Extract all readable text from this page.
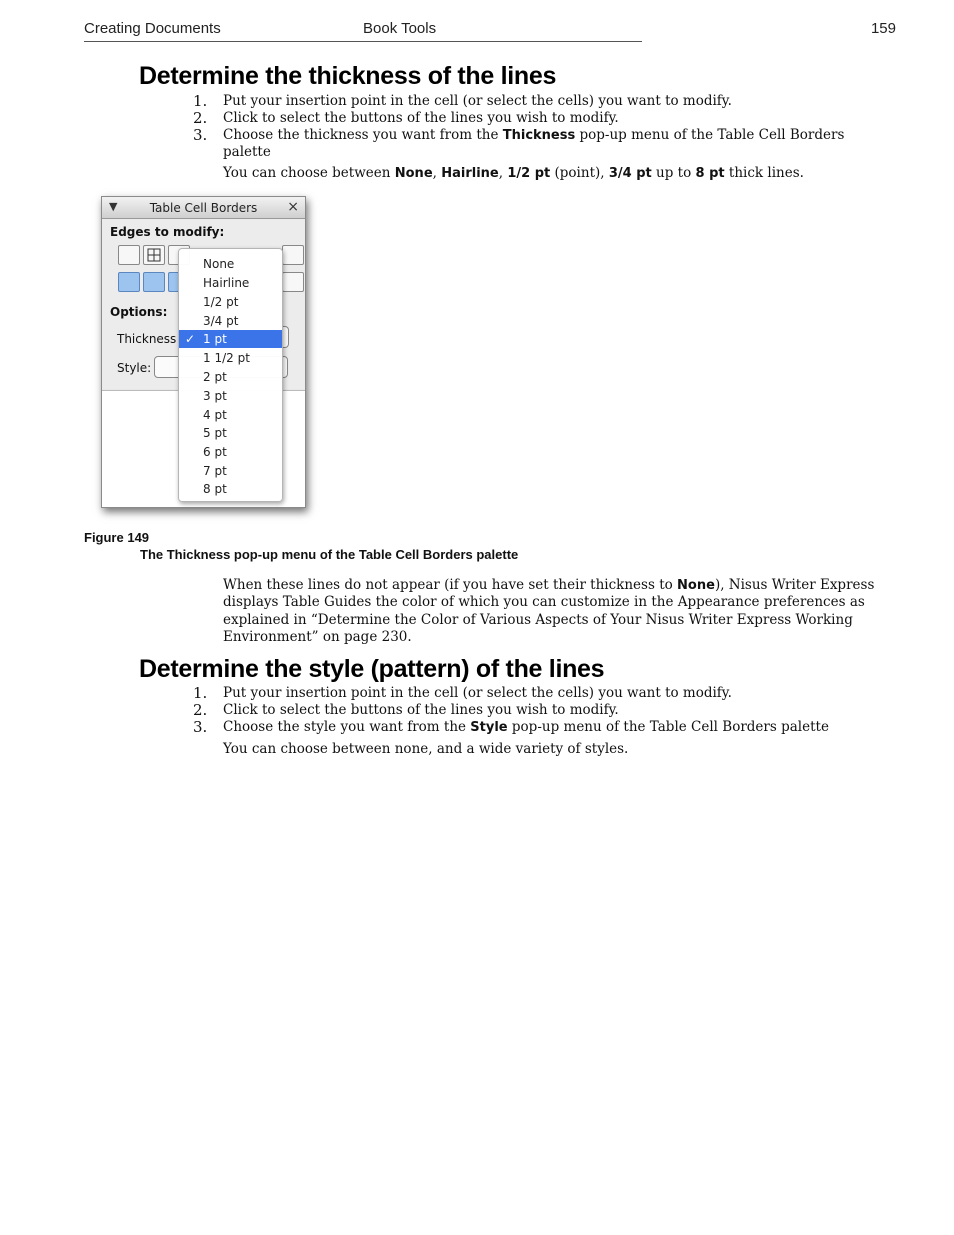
Creating Documents	Book Tools	159
Determine the thickness of the lines
1. Put your insertion point in the cell (or select the cells) you want to modify.
2. Click to select the buttons of the lines you wish to modify.
3. Choose the thickness you want from the Thickness pop-up menu of the Table Cell Borders palette
You can choose between None, Hairline, 1/2 pt (point), 3/4 pt up to 8 pt thick lines.
▼	Table Cell Borders	×
Edges to modify:
Options:
Thickness
Style:
None
Hairline
1/2 pt
3/4 pt
✓ 1 pt
1 1/2 pt
2 pt
3 pt
4 pt
5 pt
6 pt
7 pt
8 pt
Figure 149
The Thickness pop-up menu of the Table Cell Borders palette
When these lines do not appear (if you have set their thickness to None), Nisus Writer Express displays Table Guides the color of which you can customize in the Appearance preferences as explained in “Determine the Color of Various Aspects of Your Nisus Writer Express Working Environment” on page 230.
Determine the style (pattern) of the lines
1. Put your insertion point in the cell (or select the cells) you want to modify.
2. Click to select the buttons of the lines you wish to modify.
3. Choose the style you want from the Style pop-up menu of the Table Cell Borders palette
You can choose between none, and a wide variety of styles.
